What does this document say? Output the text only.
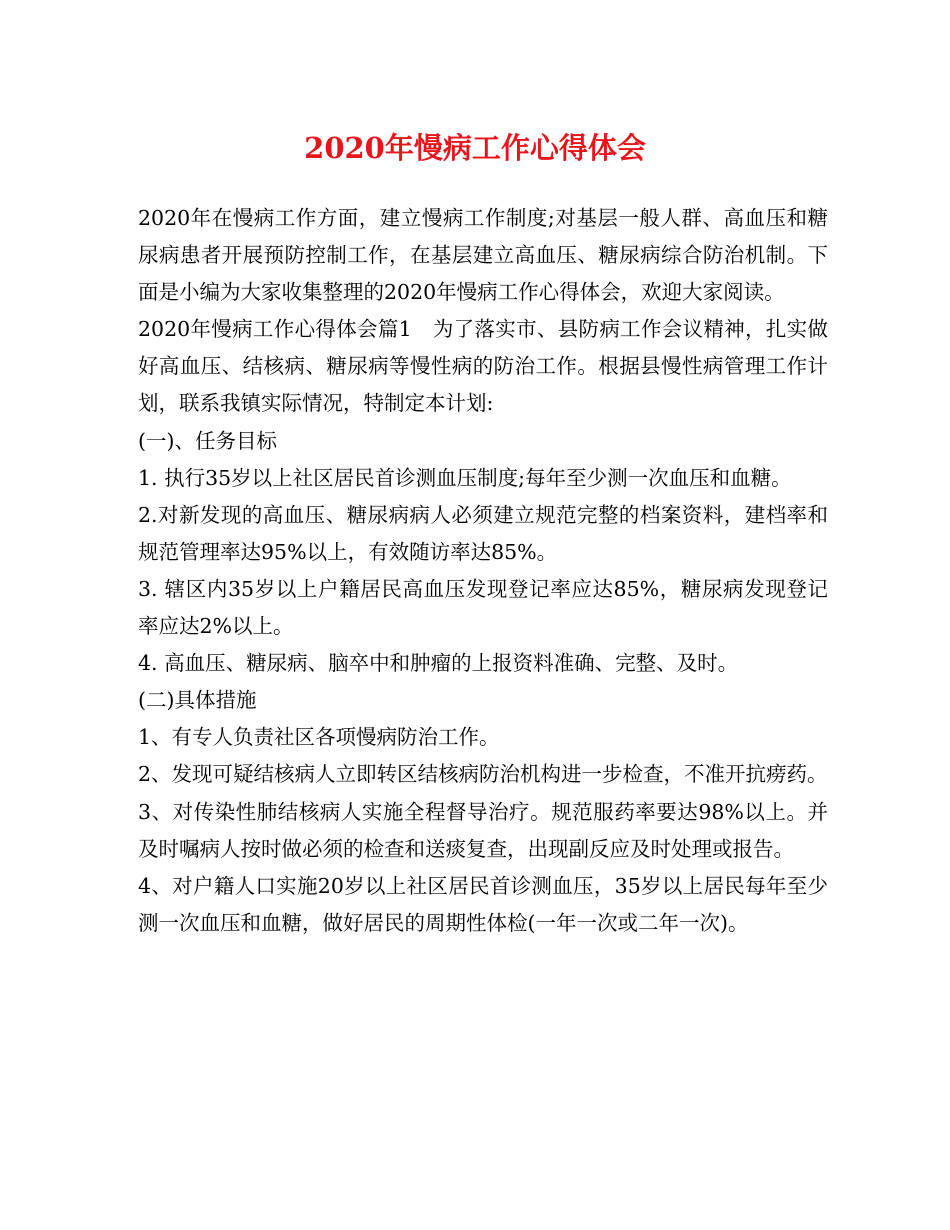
2020年慢病工作心得体会

2020年在慢病工作方面，建立慢病工作制度;对基层一般人群、高血压和糖尿病患者开展预防控制工作，在基层建立高血压、糖尿病综合防治机制。下面是小编为大家收集整理的2020年慢病工作心得体会，欢迎大家阅读。

2020年慢病工作心得体会篇1　为了落实市、县防病工作会议精神，扎实做好高血压、结核病、糖尿病等慢性病的防治工作。根据县慢性病管理工作计划，联系我镇实际情况，特制定本计划:

(一)、任务目标

1. 执行35岁以上社区居民首诊测血压制度;每年至少测一次血压和血糖。

2.对新发现的高血压、糖尿病病人必须建立规范完整的档案资料，建档率和规范管理率达95%以上，有效随访率达85%。

3. 辖区内35岁以上户籍居民高血压发现登记率应达85%，糖尿病发现登记率应达2%以上。

4. 高血压、糖尿病、脑卒中和肿瘤的上报资料准确、完整、及时。

(二)具体措施

1、有专人负责社区各项慢病防治工作。

2、发现可疑结核病人立即转区结核病防治机构进一步检查，不准开抗痨药。

3、对传染性肺结核病人实施全程督导治疗。规范服药率要达98%以上。并及时嘱病人按时做必须的检查和送痰复查，出现副反应及时处理或报告。

4、对户籍人口实施20岁以上社区居民首诊测血压，35岁以上居民每年至少测一次血压和血糖，做好居民的周期性体检(一年一次或二年一次)。
